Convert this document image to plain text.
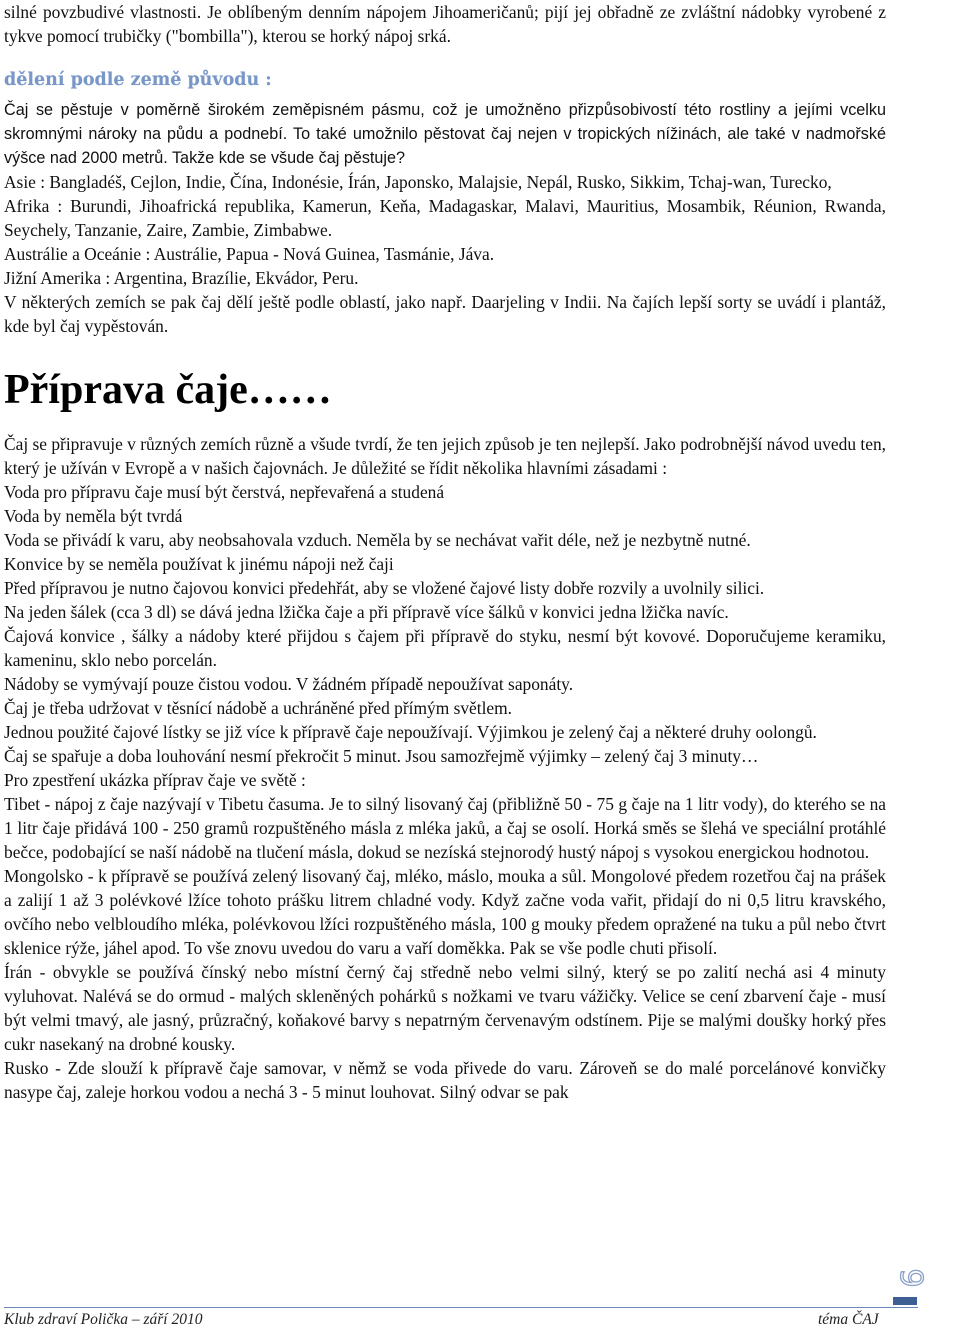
silné povzbudivé vlastnosti. Je oblíbeným denním nápojem Jihoameričanů; pijí jej obřadně ze zvláštní nádobky vyrobené z tykve pomocí trubičky ("bombilla"), kterou se horký nápoj srká.

dělení podle země původu :

Čaj se pěstuje v poměrně širokém zeměpisném pásmu, což je umožněno přizpůsobivostí této rostliny a jejími vcelku skromnými nároky na půdu a podnebí. To také umožnilo pěstovat čaj nejen v tropických nížinách, ale také v nadmořské výšce nad 2000 metrů. Takže kde se všude čaj pěstuje?

Asie : Bangladéš, Cejlon, Indie, Čína, Indonésie, Írán, Japonsko, Malajsie, Nepál, Rusko, Sikkim, Tchaj-wan, Turecko,

Afrika : Burundi, Jihoafrická republika, Kamerun, Keňa, Madagaskar, Malavi, Mauritius, Mosambik, Réunion, Rwanda, Seychely, Tanzanie, Zaire, Zambie, Zimbabwe.

Austrálie a Oceánie : Austrálie, Papua - Nová Guinea, Tasmánie, Jáva.

Jižní Amerika : Argentina, Brazílie, Ekvádor, Peru.

V některých zemích se pak čaj dělí ještě podle oblastí, jako např. Daarjeling v Indii. Na čajích lepší sorty se uvádí i plantáž, kde byl čaj vypěstován.

Příprava čaje……

Čaj se připravuje v různých zemích různě a všude tvrdí, že ten jejich způsob je ten nejlepší. Jako podrobnější návod uvedu ten, který je užíván v Evropě a v našich čajovnách. Je důležité se řídit několika hlavními zásadami :

Voda pro přípravu čaje musí být čerstvá, nepřevařená a studená

Voda by neměla být tvrdá

Voda se přivádí k varu, aby neobsahovala vzduch. Neměla by se nechávat vařit déle, než je nezbytně nutné.

Konvice by se neměla používat k jinému nápoji než čaji

Před přípravou je nutno čajovou konvici předehřát, aby se vložené čajové listy dobře rozvily a uvolnily silici.

Na jeden šálek (cca 3 dl) se dává jedna lžička čaje a při přípravě více šálků v konvici jedna lžička navíc.

Čajová konvice , šálky a nádoby které přijdou s čajem při přípravě do styku, nesmí být kovové. Doporučujeme keramiku, kameninu, sklo nebo porcelán.

Nádoby se vymývají pouze čistou vodou. V žádném případě nepoužívat saponáty.

Čaj je třeba udržovat v těsnící nádobě a uchráněné před přímým světlem.

Jednou použité čajové lístky se již více k přípravě čaje nepoužívají. Výjimkou je zelený čaj a některé druhy oolongů.

Čaj se spařuje a doba louhování nesmí překročit 5 minut. Jsou samozřejmě výjimky – zelený čaj 3 minuty…

Pro zpestření ukázka příprav čaje ve světě :

Tibet - nápoj z čaje nazývají v Tibetu časuma. Je to silný lisovaný čaj (přibližně 50 - 75 g čaje na 1 litr vody), do kterého se na 1 litr čaje přidává 100 - 250 gramů rozpuštěného másla z mléka jaků, a čaj se osolí. Horká směs se šlehá ve speciální protáhlé bečce, podobající se naší nádobě na tlučení másla, dokud se nezíská stejnorodý hustý nápoj s vysokou energickou hodnotou.

Mongolsko - k přípravě se používá zelený lisovaný čaj, mléko, máslo, mouka a sůl. Mongolové předem rozetřou čaj na prášek a zalijí 1 až 3 polévkové lžíce tohoto prášku litrem chladné vody. Když začne voda vařit, přidají do ni 0,5 litru kravského, ovčího nebo velbloudího mléka, polévkovou lžíci rozpuštěného másla, 100 g mouky předem opražené na tuku a půl nebo čtvrt sklenice rýže, jáhel apod. To vše znovu uvedou do varu a vaří doměkka. Pak se vše podle chuti přisolí.

Írán - obvykle se používá čínský nebo místní černý čaj středně nebo velmi silný, který se po zalití nechá asi 4 minuty vyluhovat. Nalévá se do ormud - malých skleněných pohárků s nožkami ve tvaru vážičky. Velice se cení zbarvení čaje - musí být velmi tmavý, ale jasný, průzračný, koňakové barvy s nepatrným červenavým odstínem. Pije se malými doušky horký přes cukr nasekaný na drobné kousky.

Rusko - Zde slouží k přípravě čaje samovar, v němž se voda přivede do varu. Zároveň se do malé porcelánové konvičky nasype čaj, zaleje horkou vodou a nechá 3 - 5 minut louhovat. Silný odvar se pak

9
Klub zdraví Polička – září 2010	téma ČAJ
